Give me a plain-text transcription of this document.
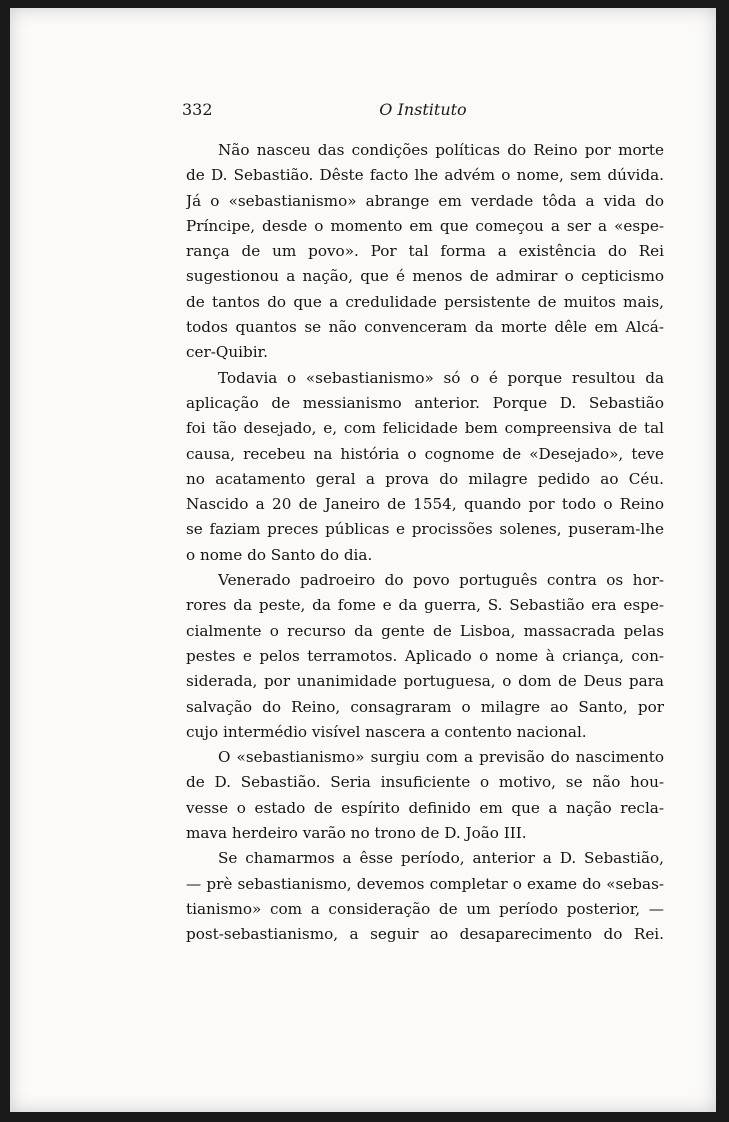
332	O Instituto
Não nasceu das condições políticas do Reino por morte
de D. Sebastião. Dêste facto lhe advém o nome, sem dúvida.
Já o «sebastianismo» abrange em verdade tôda a vida do
Príncipe, desde o momento em que começou a ser a «espe-
rança de um povo». Por tal forma a existência do Rei
sugestionou a nação, que é menos de admirar o cepticismo
de tantos do que a credulidade persistente de muitos mais,
todos quantos se não convenceram da morte dêle em Alcá-
cer-Quibir.
Todavia o «sebastianismo» só o é porque resultou da
aplicação de messianismo anterior. Porque D. Sebastião
foi tão desejado, e, com felicidade bem compreensiva de tal
causa, recebeu na história o cognome de «Desejado», teve
no acatamento geral a prova do milagre pedido ao Céu.
Nascido a 20 de Janeiro de 1554, quando por todo o Reino
se faziam preces públicas e procissões solenes, puseram-lhe
o nome do Santo do dia.
Venerado padroeiro do povo português contra os hor-
rores da peste, da fome e da guerra, S. Sebastião era espe-
cialmente o recurso da gente de Lisboa, massacrada pelas
pestes e pelos terramotos. Aplicado o nome à criança, con-
siderada, por unanimidade portuguesa, o dom de Deus para
salvação do Reino, consagraram o milagre ao Santo, por
cujo intermédio visível nascera a contento nacional.
O «sebastianismo» surgiu com a previsão do nascimento
de D. Sebastião. Seria insuficiente o motivo, se não hou-
vesse o estado de espírito definido em que a nação recla-
mava herdeiro varão no trono de D. João III.
Se chamarmos a êsse período, anterior a D. Sebastião,
— prè sebastianismo, devemos completar o exame do «sebas-
tianismo» com a consideração de um período posterior, —
post-sebastianismo, a seguir ao desaparecimento do Rei.
